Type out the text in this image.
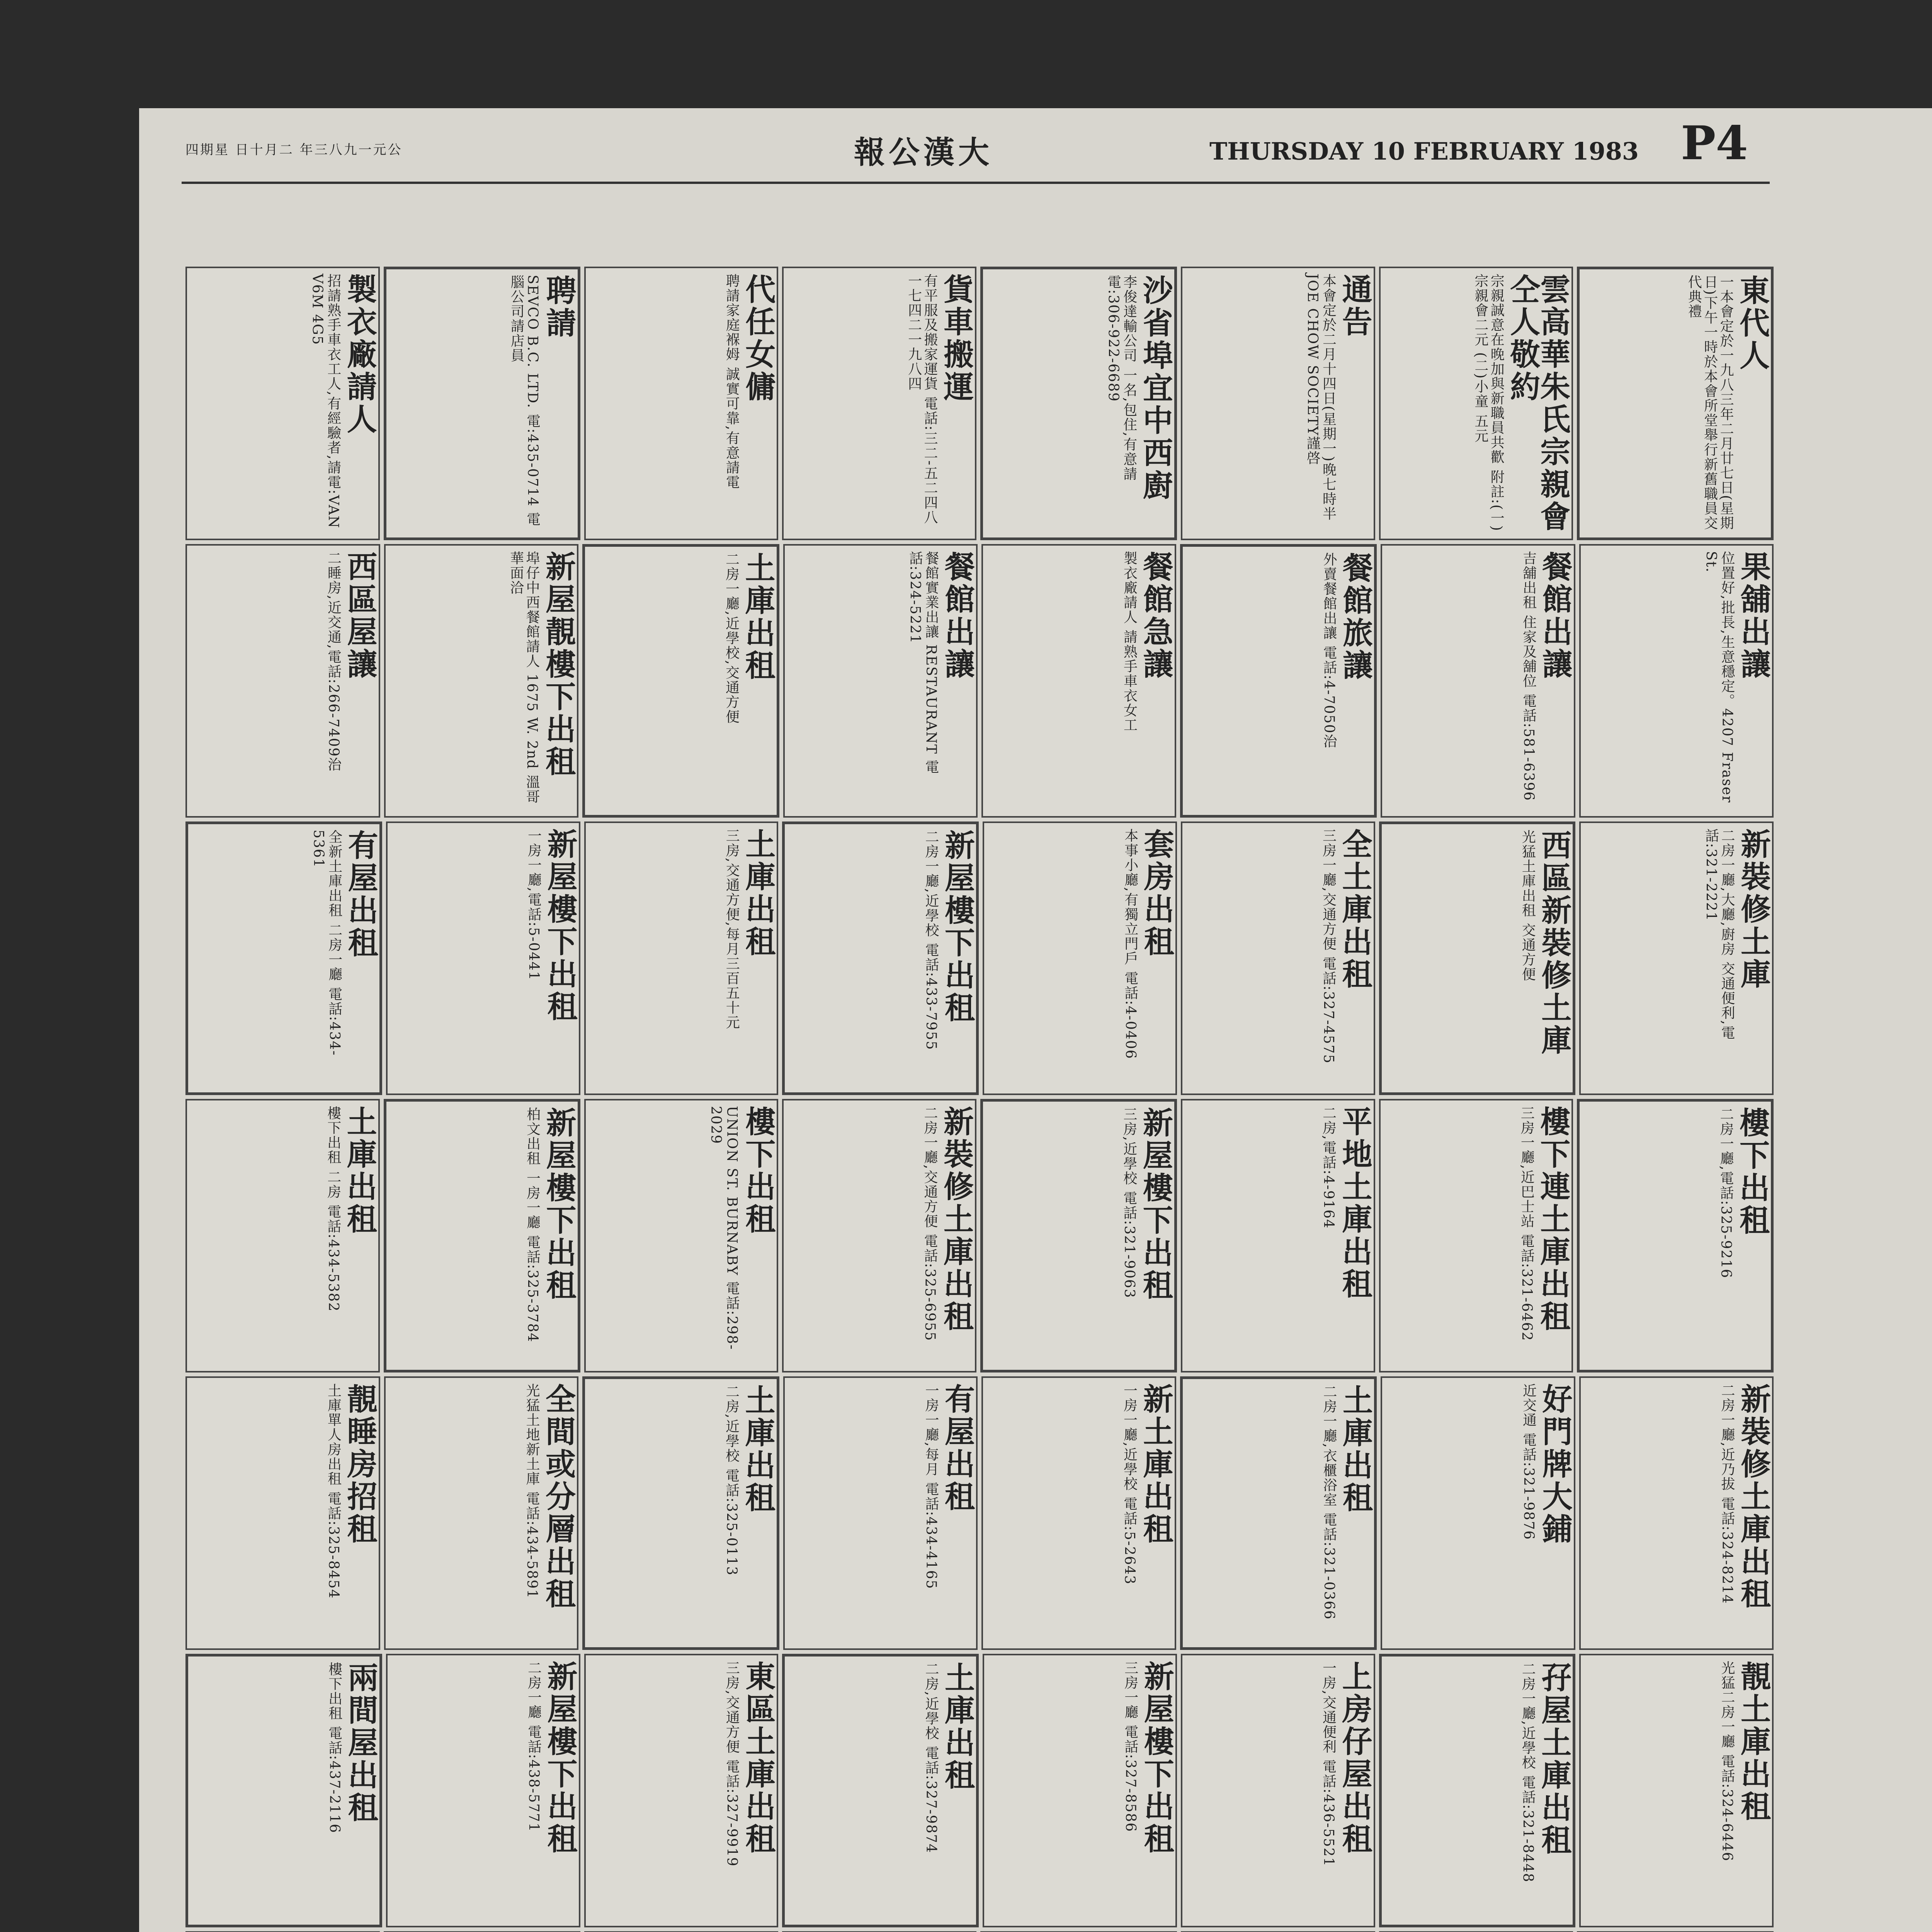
四期星 日十月二 年三八九一元公	報公漢大	THURSDAY 10 FEBRUARY 1983 P4
東代人
一本會定於一九八三年二月廿七日(星期日)下午一時於本會所堂舉行新舊職員交代典禮
雲高華朱氏宗親會仝人敬約
宗親誠意在晚加與新職員共歡 附註:(一)宗親會二元 (二)小童 五元
通告
本會定於二月十四日(星期一)晚七時半 JOE CHOW SOCIETY謹啓
沙省埠宜中西廚
李俊達輸公司 一名,包住,有意請電:306-922-6689
貨車搬運
有平服及搬家運貨 電話:三二-五二四八 一七四二一九八四
代任女傭
聘請家庭褓姆 誠實可靠,有意請電
聘請
SEVCO B.C. LTD. 電:435-0714 電腦公司請店員
製衣廠請人
招請熟手車衣工人,有經驗者,請電:VAN V6M 4G5
果舖出讓
位置好,批長,生意穩定。4207 Fraser St.
餐館出讓
吉舖出租 住家及舖位 電話:581-6396
餐館旅讓
外賣餐館出讓 電話:4-7050治
餐館急讓
製衣廠請人 請熟手車衣女工
餐館出讓
餐館實業出讓 RESTAURANT 電話:324-5221
土庫出租
二房一廳,近學校,交通方便
新屋靚樓下出租
埠仔中西餐館請人 1675 W. 2nd 溫哥華面洽
西區屋讓
二睡房,近交通,電話:266-7409治
新裝修土庫
二房一廳,大廳,廚房 交通便利,電話:321-2221
西區新裝修土庫
光猛土庫出租 交通方便
全土庫出租
三房一廳,交通方便 電話:327-4575
套房出租
本事小廳,有獨立門戶 電話:4-0406
新屋樓下出租
二房一廳,近學校 電話:433-7955
土庫出租
三房,交通方便,每月三百五十元
新屋樓下出租
一房一廳,電話:5-0441
有屋出租
全新土庫出租 二房一廳 電話:434-5361
樓下出租
二房一廳,電話:325-9216
樓下連土庫出租
三房一廳,近巴士站 電話:321-6462
平地土庫出租
二房,電話:4-9164
新屋樓下出租
三房,近學校 電話:321-9063
新裝修土庫出租
二房一廳,交通方便 電話:325-6955
樓下出租
UNION ST. BURNABY 電話:298-2029
新屋樓下出租
柏文出租 一房一廳 電話:325-3784
土庫出租
樓下出租 二房 電話:434-5382
新裝修土庫出租
二房一廳,近乃拔 電話:324-8214
好門牌大鋪
近交通 電話:321-9876
土庫出租
二房一廳,衣櫃浴室 電話:321-0366
新土庫出租
一房一廳,近學校 電話:5-2643
有屋出租
一房一廳,每月 電話:434-4165
土庫出租
二房,近學校 電話:325-0113
全間或分層出租
光猛土地新土庫 電話:434-5891
靚睡房招租
土庫單人房出租 電話:325-8454
靚土庫出租
光猛二房一廳 電話:324-6446
孖屋土庫出租
二房一廳,近學校 電話:321-8448
上房仔屋出租
一房,交通便利 電話:436-5521
新屋樓下出租
三房一廳 電話:327-8586
土庫出租
二房,近學校 電話:327-9874
東區土庫出租
三房,交通方便 電話:327-9919
新屋樓下出租
二房一廳 電話:438-5771
兩間屋出租
樓下出租 電話:437-2116
